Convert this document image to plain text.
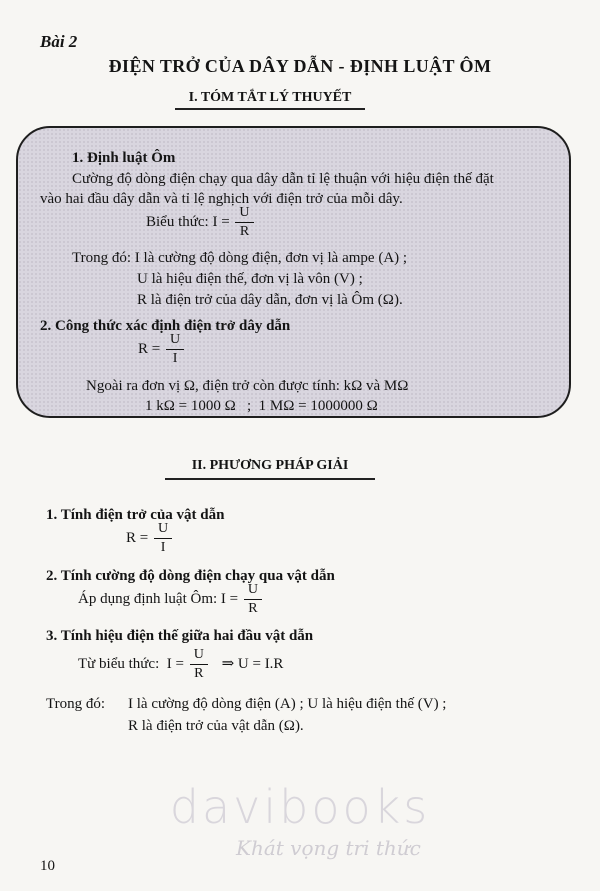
Bài 2
ĐIỆN TRỞ CỦA DÂY DẪN - ĐỊNH LUẬT ÔM
I. TÓM TẮT LÝ THUYẾT
1. Định luật Ôm
Cường độ dòng điện chạy qua dây dẫn tỉ lệ thuận với hiệu điện thế đặt
vào hai đầu dây dẫn và tỉ lệ nghịch với điện trở của mỗi dây.
Biểu thức: $I = \frac{U}{R}$
Trong đó: I là cường độ dòng điện, đơn vị là ampe (A) ;
U là hiệu điện thế, đơn vị là vôn (V) ;
R là điện trở của dây dẫn, đơn vị là Ôm (Ω).
2. Công thức xác định điện trở dây dẫn
$R = \frac{U}{I}$
Ngoài ra đơn vị Ω, điện trở còn được tính: kΩ và MΩ
1 kΩ = 1000 Ω   ;  1 MΩ = 1000000 Ω
II. PHƯƠNG PHÁP GIẢI
1. Tính điện trở của vật dẫn
$R = \frac{U}{I}$
2. Tính cường độ dòng điện chạy qua vật dẫn
Áp dụng định luật Ôm: $I = \frac{U}{R}$
3. Tính hiệu điện thế giữa hai đầu vật dẫn
Từ biểu thức:  $I = \frac{U}{R}$ ⇒ U = I.R
Trong đó: I là cường độ dòng điện (A) ; U là hiệu điện thế (V) ;
R là điện trở của vật dẫn (Ω).
davibooks
Khát vọng tri thức
10
